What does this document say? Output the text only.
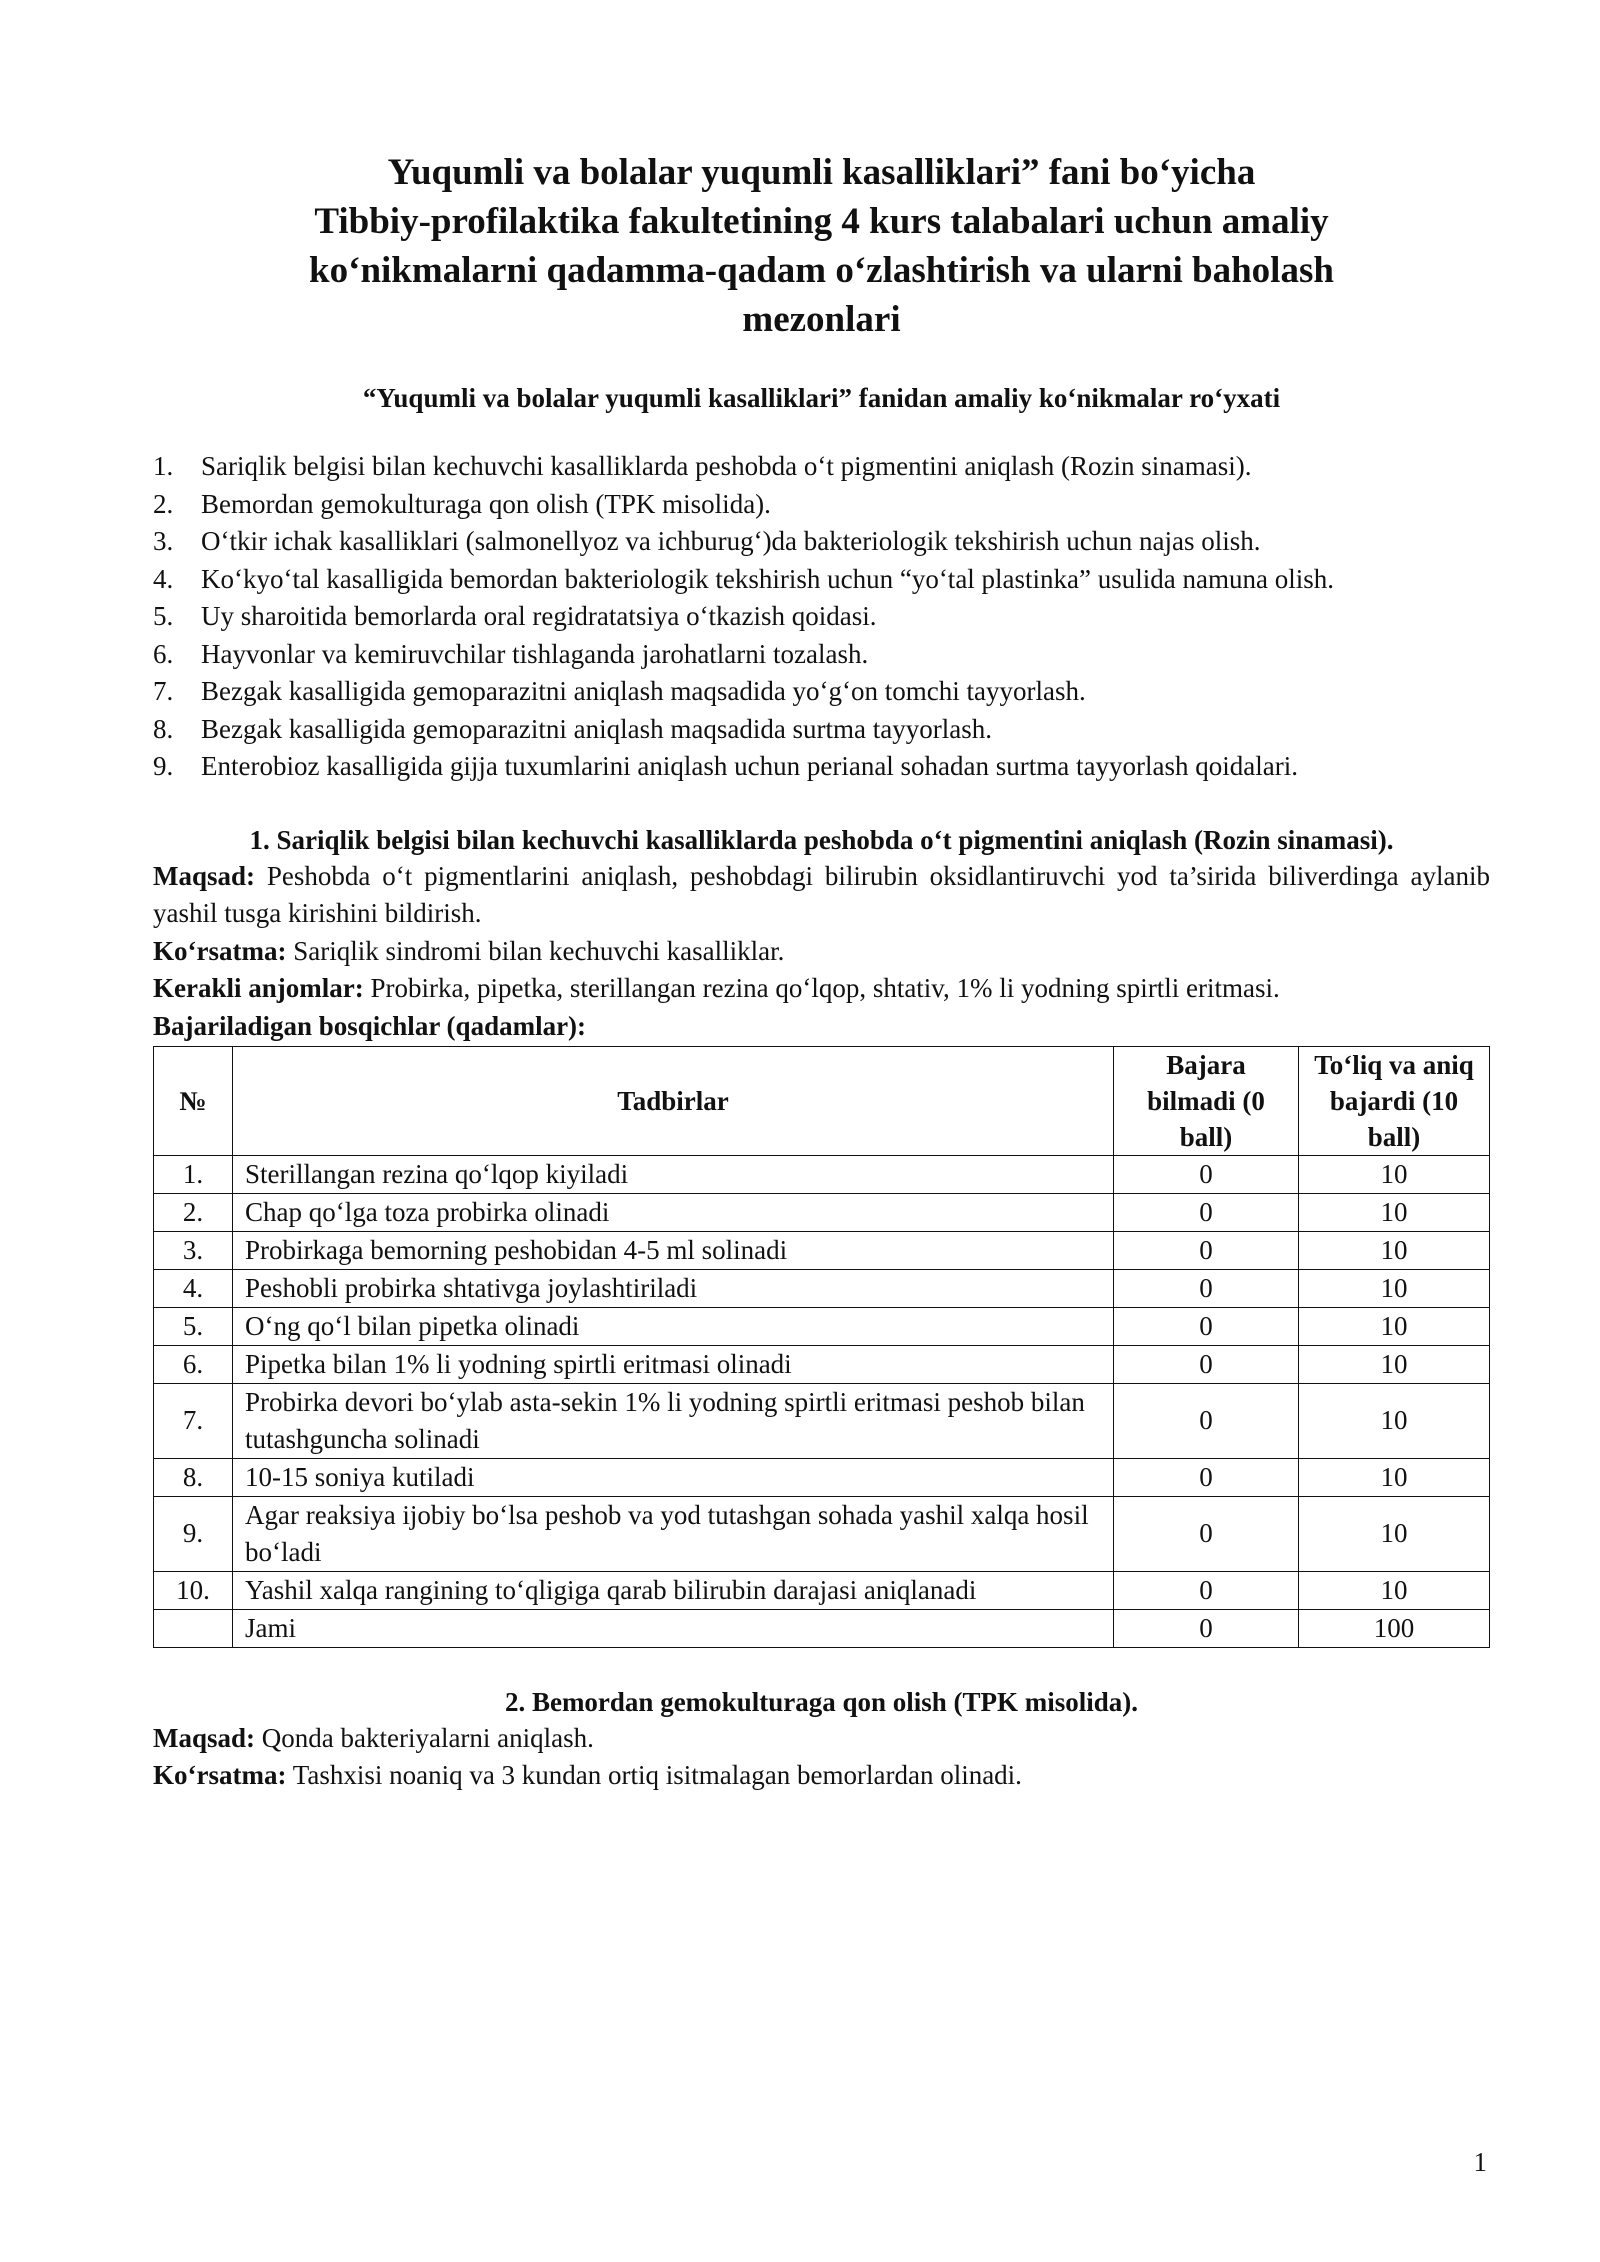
Yuqumli va bolalar yuqumli kasalliklari” fani bo‘yicha
Tibbiy-profilaktika fakultetining 4 kurs talabalari uchun amaliy
ko‘nikmalarni qadamma-qadam o‘zlashtirish va ularni baholash
mezonlari
“Yuqumli va bolalar yuqumli kasalliklari” fanidan amaliy ko‘nikmalar ro‘yxati
1. Sariqlik belgisi bilan kechuvchi kasalliklarda peshobda o‘t pigmentini aniqlash (Rozin sinamasi).
2. Bemordan gemokulturaga qon olish (TPK misolida).
3. O‘tkir ichak kasalliklari (salmonellyoz va ichburug‘)da bakteriologik tekshirish uchun najas olish.
4. Ko‘kyo‘tal kasalligida bemordan bakteriologik tekshirish uchun “yo‘tal plastinka” usulida namuna olish.
5. Uy sharoitida bemorlarda oral regidratatsiya o‘tkazish qoidasi.
6. Hayvonlar va kemiruvchilar tishlaganda jarohatlarni tozalash.
7. Bezgak kasalligida gemoparazitni aniqlash maqsadida yo‘g‘on tomchi tayyorlash.
8. Bezgak kasalligida gemoparazitni aniqlash maqsadida surtma tayyorlash.
9. Enterobioz kasalligida gijja tuxumlarini aniqlash uchun perianal sohadan surtma tayyorlash qoidalari.
1. Sariqlik belgisi bilan kechuvchi kasalliklarda peshobda o‘t pigmentini aniqlash (Rozin sinamasi).
Maqsad: Peshobda o‘t pigmentlarini aniqlash, peshobdagi bilirubin oksidlantiruvchi yod ta’sirida biliverdinga aylanib yashil tusga kirishini bildirish.
Ko‘rsatma: Sariqlik sindromi bilan kechuvchi kasalliklar.
Kerakli anjomlar: Probirka, pipetka, sterillangan rezina qo‘lqop, shtativ, 1% li yodning spirtli eritmasi.
Bajariladigan bosqichlar (qadamlar):
№	Tadbirlar	Bajara bilmadi (0 ball)	To‘liq va aniq bajardi (10 ball)
1.	Sterillangan rezina qo‘lqop kiyiladi	0	10
2.	Chap qo‘lga toza probirka olinadi	0	10
3.	Probirkaga bemorning peshobidan 4-5 ml solinadi	0	10
4.	Peshobli probirka shtativga joylashtiriladi	0	10
5.	O‘ng qo‘l bilan pipetka olinadi	0	10
6.	Pipetka bilan 1% li yodning spirtli eritmasi olinadi	0	10
7.	Probirka devori bo‘ylab asta-sekin 1% li yodning spirtli eritmasi peshob bilan tutashguncha solinadi	0	10
8.	10-15 soniya kutiladi	0	10
9.	Agar reaksiya ijobiy bo‘lsa peshob va yod tutashgan sohada yashil xalqa hosil bo‘ladi	0	10
10.	Yashil xalqa rangining to‘qligiga qarab bilirubin darajasi aniqlanadi	0	10
	Jami	0	100
2. Bemordan gemokulturaga qon olish (TPK misolida).
Maqsad: Qonda bakteriyalarni aniqlash.
Ko‘rsatma: Tashxisi noaniq va 3 kundan ortiq isitmalagan bemorlardan olinadi.
1
